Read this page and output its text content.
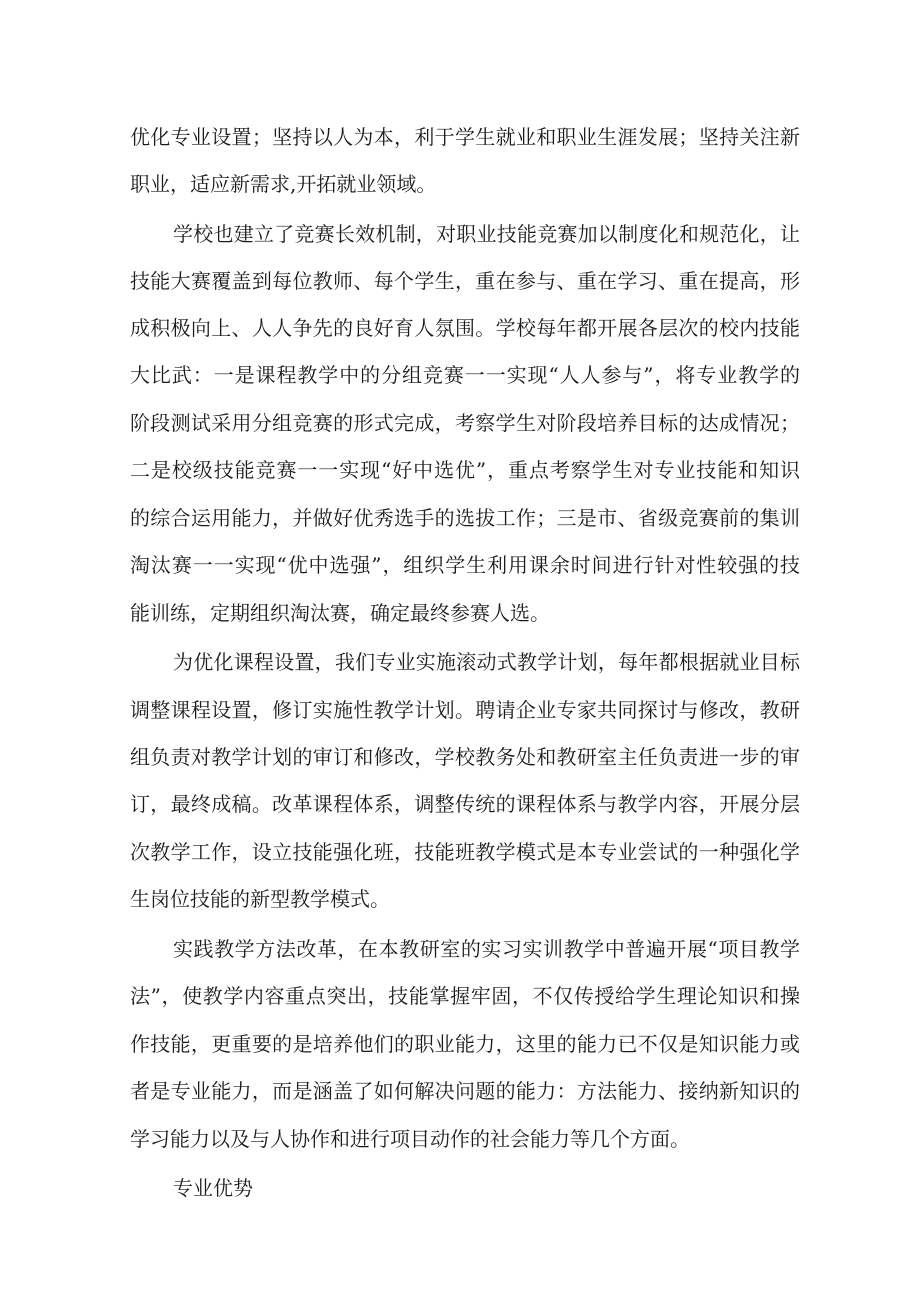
优化专业设置；坚持以人为本，利于学生就业和职业生涯发展；坚持关注新
职业，适应新需求,开拓就业领域。
学校也建立了竞赛长效机制，对职业技能竞赛加以制度化和规范化，让
技能大赛覆盖到每位教师、每个学生，重在参与、重在学习、重在提高，形
成积极向上、人人争先的良好育人氛围。学校每年都开展各层次的校内技能
大比武：一是课程教学中的分组竞赛一一实现“人人参与”，将专业教学的
阶段测试采用分组竞赛的形式完成，考察学生对阶段培养目标的达成情况；
二是校级技能竞赛一一实现“好中选优”，重点考察学生对专业技能和知识
的综合运用能力，并做好优秀选手的选拔工作；三是市、省级竞赛前的集训
淘汰赛一一实现“优中选强”，组织学生利用课余时间进行针对性较强的技
能训练，定期组织淘汰赛，确定最终参赛人选。
为优化课程设置，我们专业实施滚动式教学计划，每年都根据就业目标
调整课程设置，修订实施性教学计划。聘请企业专家共同探讨与修改，教研
组负责对教学计划的审订和修改，学校教务处和教研室主任负责进一步的审
订，最终成稿。改革课程体系，调整传统的课程体系与教学内容，开展分层
次教学工作，设立技能强化班，技能班教学模式是本专业尝试的一种强化学
生岗位技能的新型教学模式。
实践教学方法改革，在本教研室的实习实训教学中普遍开展“项目教学
法”，使教学内容重点突出，技能掌握牢固，不仅传授给学生理论知识和操
作技能，更重要的是培养他们的职业能力，这里的能力已不仅是知识能力或
者是专业能力，而是涵盖了如何解决问题的能力：方法能力、接纳新知识的
学习能力以及与人协作和进行项目动作的社会能力等几个方面。
专业优势
